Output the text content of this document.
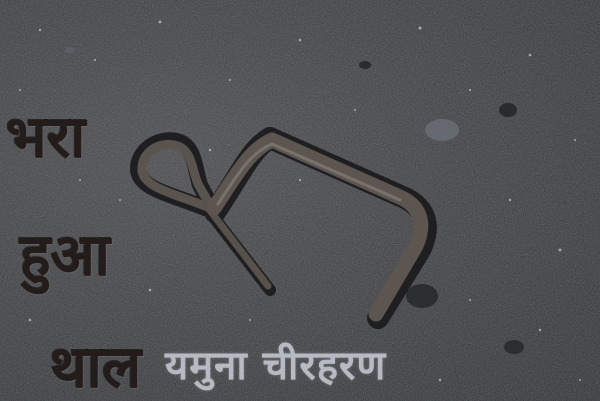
~

भरा

हुआ

थाल यमुना चीरहरण
